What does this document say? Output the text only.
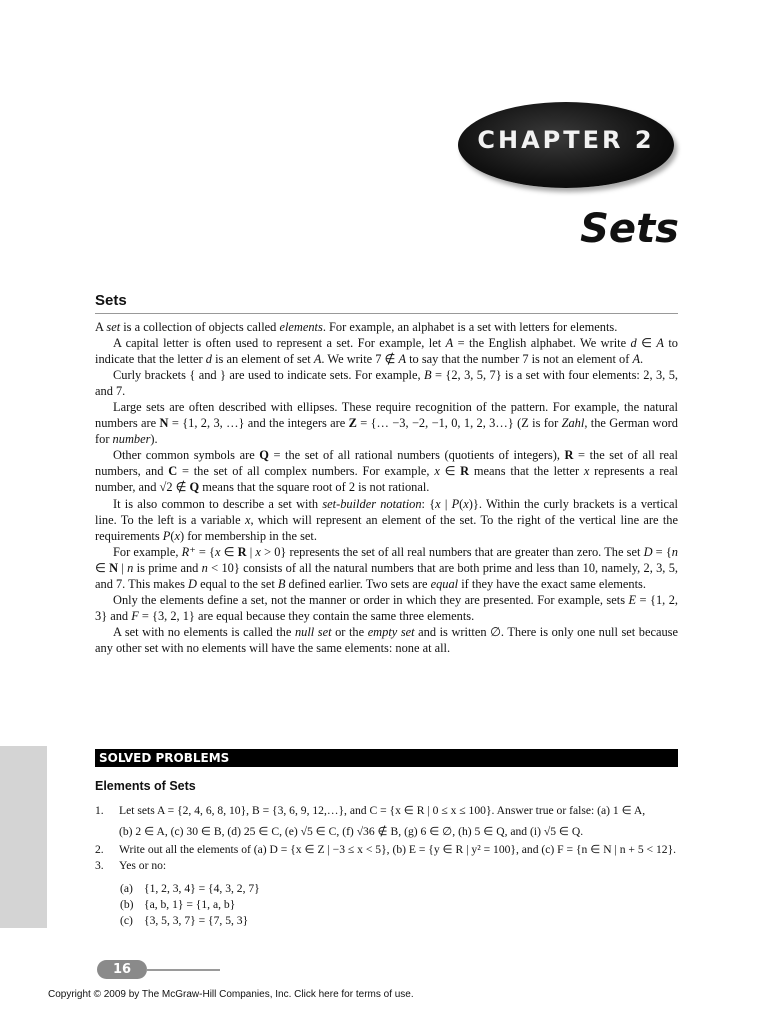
CHAPTER 2
Sets
Sets

A set is a collection of objects called elements. For example, an alphabet is a set with letters for elements.

A capital letter is often used to represent a set. For example, let A = the English alphabet. We write d ∈ A to indicate that the letter d is an element of set A. We write 7 ∉ A to say that the number 7 is not an element of A.

Curly brackets { and } are used to indicate sets. For example, B = {2, 3, 5, 7} is a set with four elements: 2, 3, 5, and 7.

Large sets are often described with ellipses. These require recognition of the pattern. For example, the natural numbers are N = {1, 2, 3, …} and the integers are Z = {… −3, −2, −1, 0, 1, 2, 3…} (Z is for Zahl, the German word for number).

Other common symbols are Q = the set of all rational numbers (quotients of integers), R = the set of all real numbers, and C = the set of all complex numbers. For example, x ∈ R means that the letter x represents a real number, and √2 ∉ Q means that the square root of 2 is not rational.

It is also common to describe a set with set-builder notation: {x | P(x)}. Within the curly brackets is a vertical line. To the left is a variable x, which will represent an element of the set. To the right of the vertical line are the requirements P(x) for membership in the set.

For example, R⁺ = {x ∈ R | x > 0} represents the set of all real numbers that are greater than zero. The set D = {n ∈ N | n is prime and n < 10} consists of all the natural numbers that are both prime and less than 10, namely, 2, 3, 5, and 7. This makes D equal to the set B defined earlier. Two sets are equal if they have the exact same elements.

Only the elements define a set, not the manner or order in which they are presented. For example, sets E = {1, 2, 3} and F = {3, 2, 1} are equal because they contain the same three elements.

A set with no elements is called the null set or the empty set and is written ∅. There is only one null set because any other set with no elements will have the same elements: none at all.

SOLVED PROBLEMS
Elements of Sets
1. Let sets A = {2, 4, 6, 8, 10}, B = {3, 6, 9, 12,…}, and C = {x ∈ R | 0 ≤ x ≤ 100}. Answer true or false: (a) 1 ∈ A,
(b) 2 ∈ A, (c) 30 ∈ B, (d) 25 ∈ C, (e) √5 ∈ C, (f) √36 ∉ B, (g) 6 ∈ ∅, (h) 5 ∈ Q, and (i) √5 ∈ Q.
2. Write out all the elements of (a) D = {x ∈ Z | −3 ≤ x < 5}, (b) E = {y ∈ R | y² = 100}, and (c) F = {n ∈ N | n + 5 < 12}.
3. Yes or no:
(a) {1, 2, 3, 4} = {4, 3, 2, 7}
(b) {a, b, 1} = {1, a, b}
(c) {3, 5, 3, 7} = {7, 5, 3}
16
Copyright © 2009 by The McGraw-Hill Companies, Inc. Click here for terms of use.
